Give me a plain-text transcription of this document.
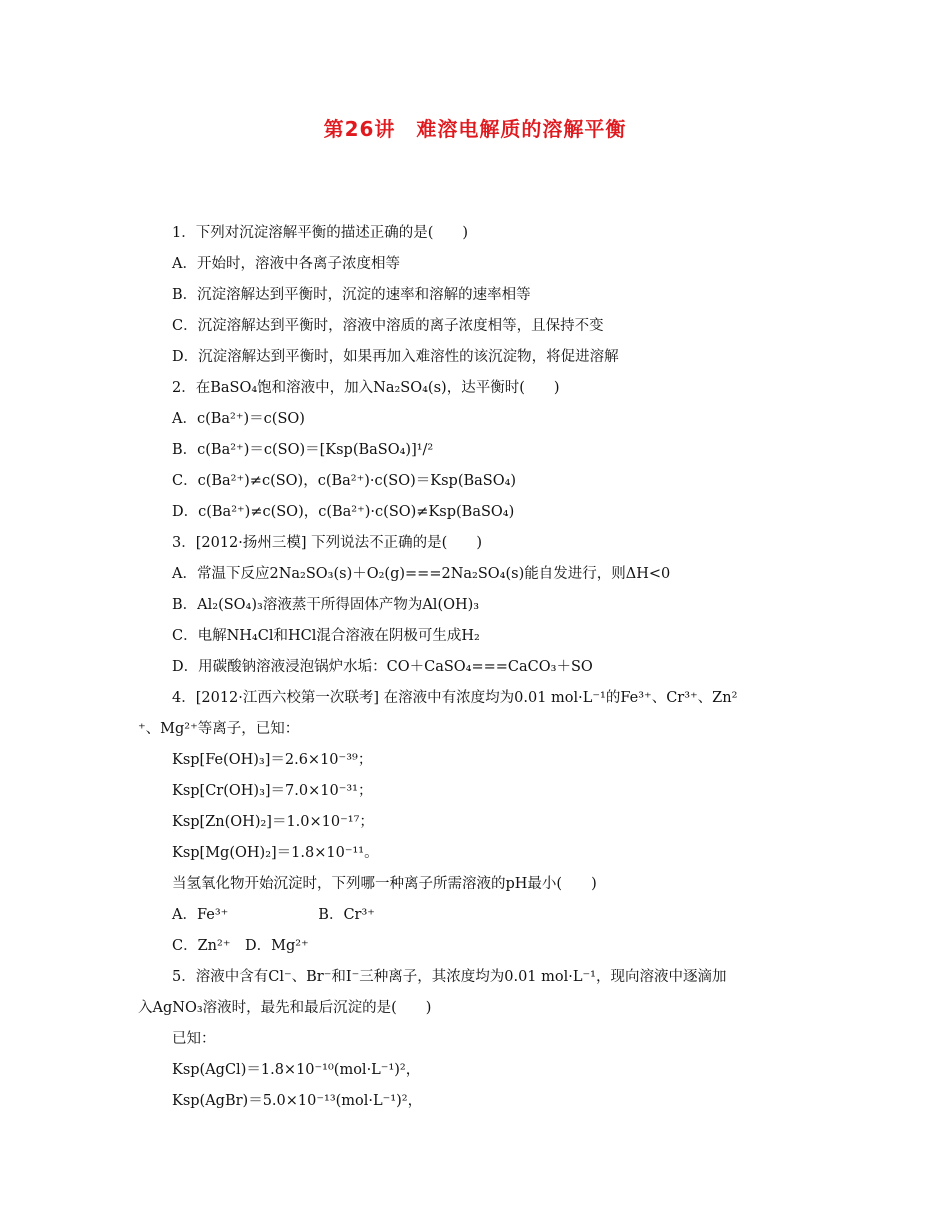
第26讲　难溶电解质的溶解平衡
1．下列对沉淀溶解平衡的描述正确的是(　　)
A．开始时，溶液中各离子浓度相等
B．沉淀溶解达到平衡时，沉淀的速率和溶解的速率相等
C．沉淀溶解达到平衡时，溶液中溶质的离子浓度相等，且保持不变
D．沉淀溶解达到平衡时，如果再加入难溶性的该沉淀物，将促进溶解
2．在BaSO₄饱和溶液中，加入Na₂SO₄(s)，达平衡时(　　)
A．c(Ba²⁺)＝c(SO)
B．c(Ba²⁺)＝c(SO)＝[Ksp(BaSO₄)]¹/²
C．c(Ba²⁺)≠c(SO)，c(Ba²⁺)·c(SO)＝Ksp(BaSO₄)
D．c(Ba²⁺)≠c(SO)，c(Ba²⁺)·c(SO)≠Ksp(BaSO₄)
3．[2012·扬州三模] 下列说法不正确的是(　　)
A．常温下反应2Na₂SO₃(s)＋O₂(g)===2Na₂SO₄(s)能自发进行，则ΔH<0
B．Al₂(SO₄)₃溶液蒸干所得固体产物为Al(OH)₃
C．电解NH₄Cl和HCl混合溶液在阴极可生成H₂
D．用碳酸钠溶液浸泡锅炉水垢：CO＋CaSO₄===CaCO₃＋SO
4．[2012·江西六校第一次联考] 在溶液中有浓度均为0.01 mol·L⁻¹的Fe³⁺、Cr³⁺、Zn²
⁺、Mg²⁺等离子，已知：
Ksp[Fe(OH)₃]＝2.6×10⁻³⁹；
Ksp[Cr(OH)₃]＝7.0×10⁻³¹；
Ksp[Zn(OH)₂]＝1.0×10⁻¹⁷；
Ksp[Mg(OH)₂]＝1.8×10⁻¹¹。
当氢氧化物开始沉淀时，下列哪一种离子所需溶液的pH最小(　　)
A．Fe³⁺	B．Cr³⁺
C．Zn²⁺　D．Mg²⁺
5．溶液中含有Cl⁻、Br⁻和I⁻三种离子，其浓度均为0.01 mol·L⁻¹，现向溶液中逐滴加
入AgNO₃溶液时，最先和最后沉淀的是(　　)
已知：
Ksp(AgCl)＝1.8×10⁻¹⁰(mol·L⁻¹)²，
Ksp(AgBr)＝5.0×10⁻¹³(mol·L⁻¹)²，
